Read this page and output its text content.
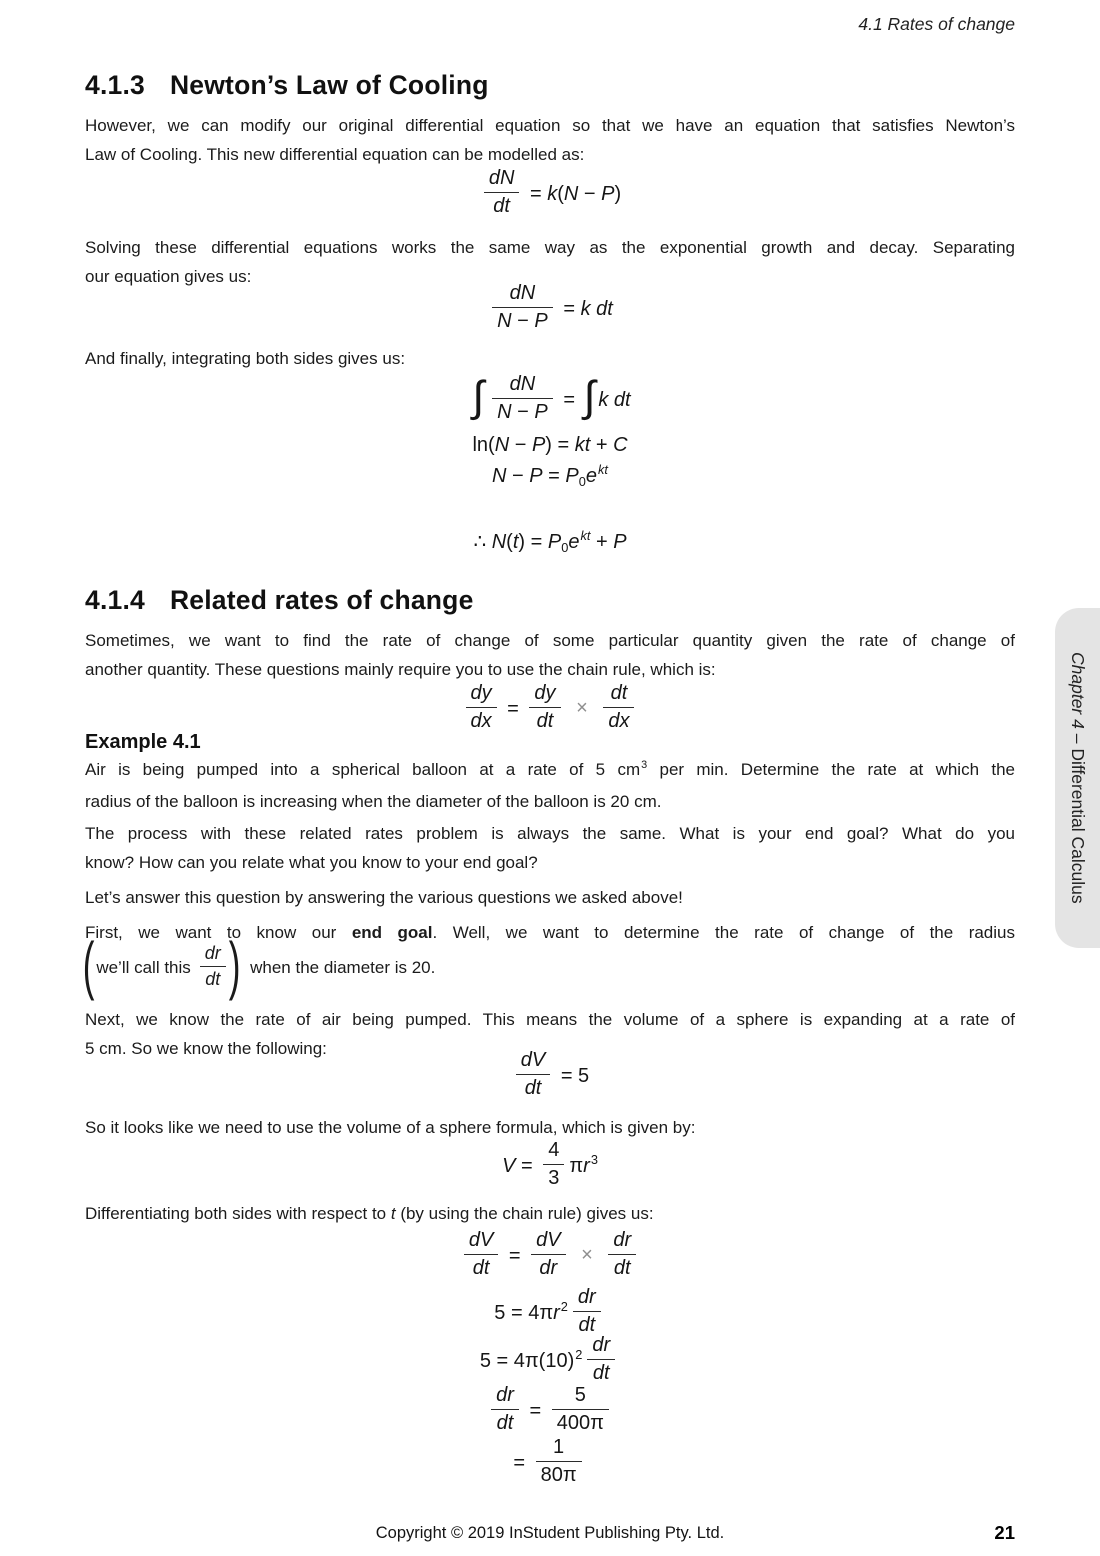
4.1 Rates of change
4.1.3 Newton’s Law of Cooling
However, we can modify our original differential equation so that we have an equation that satisfies Newton’s
Law of Cooling. This new differential equation can be modelled as:
$\frac{dN}{dt} = k(N - P)$
Solving these differential equations works the same way as the exponential growth and decay. Separating
our equation gives us:
$\frac{dN}{N - P} = k$ dt
And finally, integrating both sides gives us:
∫ $\frac{dN}{N - P}$ = ∫ k dt
ln(N − P) = kt + C
$N - P = P_0e^{kt}$
∴ $N(t) = P_0e^{kt} + P$
4.1.4 Related rates of change
Sometimes, we want to find the rate of change of some particular quantity given the rate of change of
another quantity. These questions mainly require you to use the chain rule, which is:
$\frac{dy}{dx} = \frac{dy}{dt} \times \frac{dt}{dx}$
Example 4.1
Air is being pumped into a spherical balloon at a rate of 5 $cm^3$ per min. Determine the rate at which the
radius of the balloon is increasing when the diameter of the balloon is 20 cm.
The process with these related rates problem is always the same. What is your end goal? What do you
know? How can you relate what you know to your end goal?
Let’s answer this question by answering the various questions we asked above!
First, we want to know our end goal. Well, we want to determine the rate of change of the radius
( we’ll call this $\frac{dr}{dt}$ ) when the diameter is 20.
Next, we know the rate of air being pumped. This means the volume of a sphere is expanding at a rate of
5 cm. So we know the following:
$\frac{dV}{dt} = 5$
So it looks like we need to use the volume of a sphere formula, which is given by:
$V = \frac{4}{3} \pi r^3$
Differentiating both sides with respect to t (by using the chain rule) gives us:
$\frac{dV}{dt} = \frac{dV}{dr} \times \frac{dr}{dt}$
$5 = 4\pi r^2 \frac{dr}{dt}$
$5 = 4\pi(10)^2 \frac{dr}{dt}$
$\frac{dr}{dt} = \frac{5}{400\pi}$
= $\frac{1}{80\pi}$
Chapter 4 – Differential Calculus
Copyright © 2019 InStudent Publishing Pty. Ltd.	21
